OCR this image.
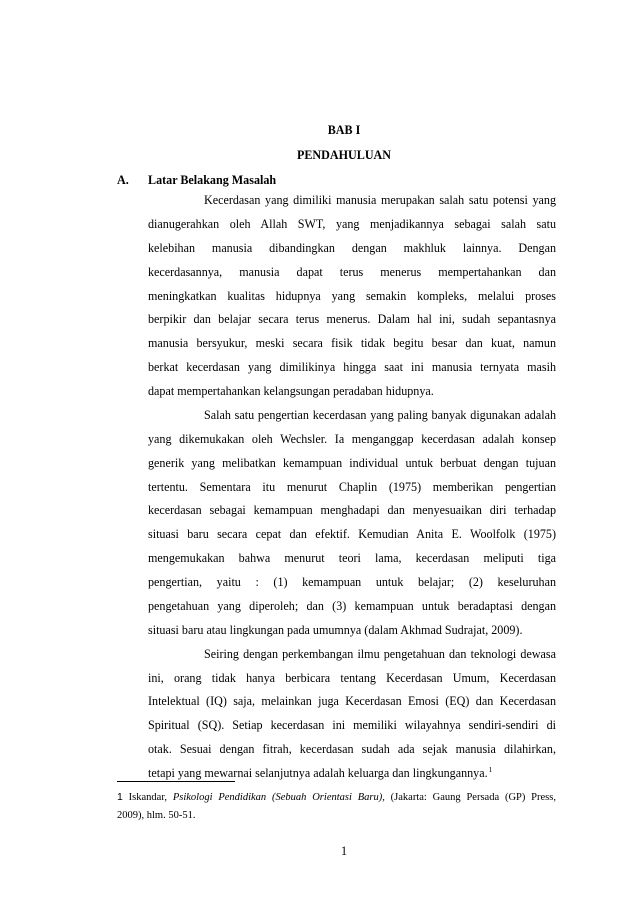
BAB I
PENDAHULUAN
A. Latar Belakang Masalah
Kecerdasan yang dimiliki manusia merupakan salah satu potensi yang
dianugerahkan oleh Allah SWT, yang menjadikannya sebagai salah satu
kelebihan manusia dibandingkan dengan makhluk lainnya. Dengan
kecerdasannya, manusia dapat terus menerus mempertahankan dan
meningkatkan kualitas hidupnya yang semakin kompleks, melalui proses
berpikir dan belajar secara terus menerus. Dalam hal ini, sudah sepantasnya
manusia bersyukur, meski secara fisik tidak begitu besar dan kuat, namun
berkat kecerdasan yang dimilikinya hingga saat ini manusia ternyata masih
dapat mempertahankan kelangsungan peradaban hidupnya.
Salah satu pengertian kecerdasan yang paling banyak digunakan adalah
yang dikemukakan oleh Wechsler. Ia menganggap kecerdasan adalah konsep
generik yang melibatkan kemampuan individual untuk berbuat dengan tujuan
tertentu. Sementara itu menurut Chaplin (1975) memberikan pengertian
kecerdasan sebagai kemampuan menghadapi dan menyesuaikan diri terhadap
situasi baru secara cepat dan efektif. Kemudian Anita E. Woolfolk (1975)
mengemukakan bahwa menurut teori lama, kecerdasan meliputi tiga
pengertian, yaitu : (1) kemampuan untuk belajar; (2) keseluruhan
pengetahuan yang diperoleh; dan (3) kemampuan untuk beradaptasi dengan
situasi baru atau lingkungan pada umumnya (dalam Akhmad Sudrajat, 2009).
Seiring dengan perkembangan ilmu pengetahuan dan teknologi dewasa
ini, orang tidak hanya berbicara tentang Kecerdasan Umum, Kecerdasan
Intelektual (IQ) saja, melainkan juga Kecerdasan Emosi (EQ) dan Kecerdasan
Spiritual (SQ). Setiap kecerdasan ini memiliki wilayahnya sendiri-sendiri di
otak. Sesuai dengan fitrah, kecerdasan sudah ada sejak manusia dilahirkan,
tetapi yang mewarnai selanjutnya adalah keluarga dan lingkungannya.$^1$
1 Iskandar, Psikologi Pendidikan (Sebuah Orientasi Baru), (Jakarta: Gaung Persada (GP) Press,
2009), hlm. 50-51.
1
